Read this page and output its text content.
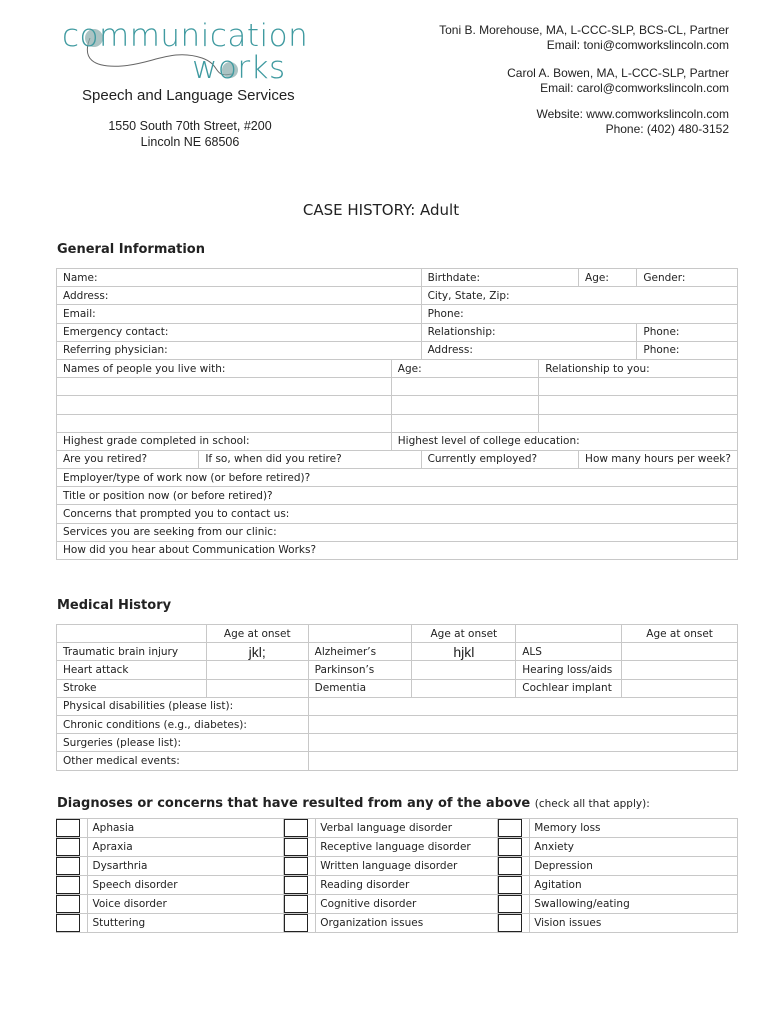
communication
works
Speech and Language Services
1550 South 70th Street, #200
Lincoln NE 68506
Toni B. Morehouse, MA, L-CCC-SLP, BCS-CL, Partner
Email: toni@comworkslincoln.com
Carol A. Bowen, MA, L-CCC-SLP, Partner
Email: carol@comworkslincoln.com
Website: www.comworkslincoln.com
Phone: (402) 480-3152
CASE HISTORY: Adult
General Information
Name:			Birthdate:		Age:	Gender:
Address:			City, State, Zip:			
Email:			Phone:			
Emergency contact:			Relationship:			Phone:
Referring physician:			Address:			Phone:
Names of people you live with:		Age:		Relationship to you:		

Highest grade completed in school:		Highest level of college education:				
Are you retired?	If so, when did you retire?		Currently employed?		How many hours per week?	
Employer/type of work now (or before retired)?						
Title or position now (or before retired)?						
Concerns that prompted you to contact us:						
Services you are seeking from our clinic:						
How did you hear about Communication Works?						
Medical History
	Age at onset		Age at onset		Age at onset
Traumatic brain injury	jkl;	Alzheimer’s	hjkl	ALS	
Heart attack		Parkinson’s		Hearing loss/aids	
Stroke		Dementia		Cochlear implant	
Physical disabilities (please list):					
Chronic conditions (e.g., diabetes):					
Surgeries (please list):					
Other medical events:					
Diagnoses or concerns that have resulted from any of the above (check all that apply):
	Aphasia		Verbal language disorder		Memory loss
	Apraxia		Receptive language disorder		Anxiety
	Dysarthria		Written language disorder		Depression
	Speech disorder		Reading disorder		Agitation
	Voice disorder		Cognitive disorder		Swallowing/eating
	Stuttering		Organization issues		Vision issues
